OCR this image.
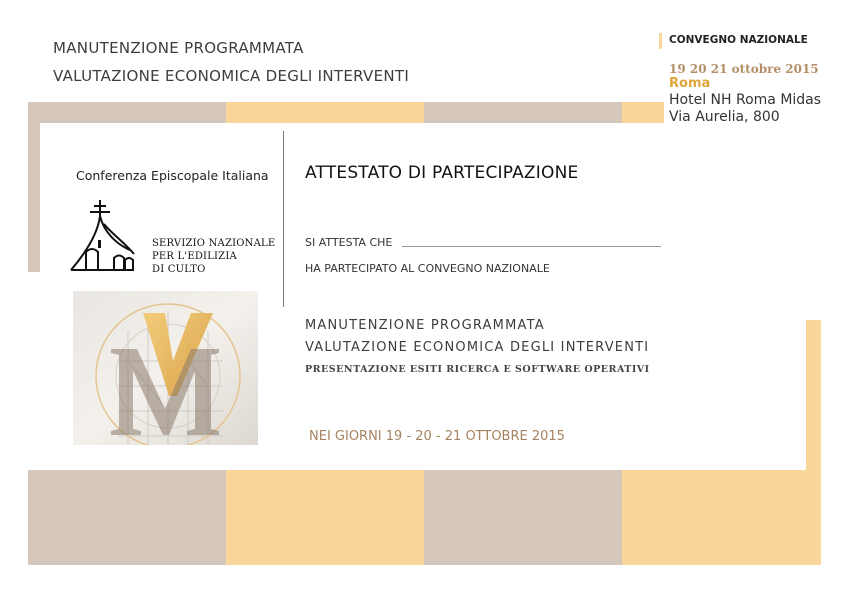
MANUTENZIONE PROGRAMMATA
VALUTAZIONE ECONOMICA DEGLI INTERVENTI
CONVEGNO NAZIONALE
19 20 21 ottobre 2015
Roma
Hotel NH Roma Midas
Via Aurelia, 800
Conferenza Episcopale Italiana
SERVIZIO NAZIONALE
PER L'EDILIZIA
DI CULTO
ATTESTATO DI PARTECIPAZIONE
SI ATTESTA CHE
HA PARTECIPATO AL CONVEGNO NAZIONALE
MANUTENZIONE PROGRAMMATA
VALUTAZIONE ECONOMICA DEGLI INTERVENTI
PRESENTAZIONE ESITI RICERCA E SOFTWARE OPERATIVI
NEI GIORNI 19 - 20 - 21 OTTOBRE 2015
